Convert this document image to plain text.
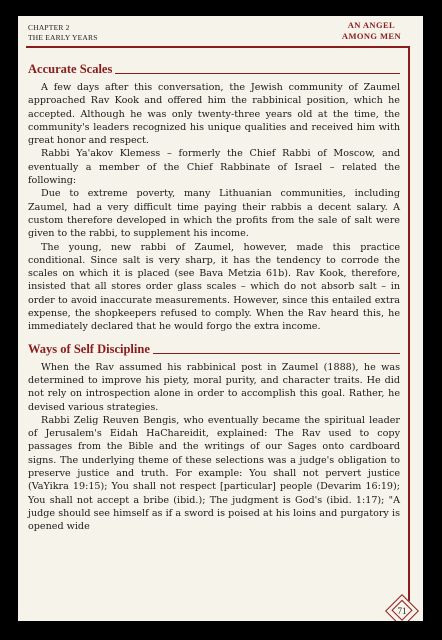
CHAPTER 2
THE EARLY YEARS
AN ANGEL
AMONG MEN
Accurate Scales

A few days after this conversation, the Jewish community of Zaumel approached Rav Kook and offered him the rabbinical position, which he accepted. Although he was only twenty-three years old at the time, the community's leaders recognized his unique qualities and received him with great honor and respect.

Rabbi Ya'akov Klemess – formerly the Chief Rabbi of Moscow, and eventually a member of the Chief Rabbinate of Israel – related the following:

Due to extreme poverty, many Lithuanian communities, including Zaumel, had a very difficult time paying their rabbis a decent salary. A custom therefore developed in which the profits from the sale of salt were given to the rabbi, to supplement his income.

The young, new rabbi of Zaumel, however, made this practice conditional. Since salt is very sharp, it has the tendency to corrode the scales on which it is placed (see Bava Metzia 61b). Rav Kook, therefore, insisted that all stores order glass scales – which do not absorb salt – in order to avoid inaccurate measurements. However, since this entailed extra expense, the shopkeepers refused to comply. When the Rav heard this, he immediately declared that he would forgo the extra income.

Ways of Self Discipline

When the Rav assumed his rabbinical post in Zaumel (1888), he was determined to improve his piety, moral purity, and character traits. He did not rely on introspection alone in order to accomplish this goal. Rather, he devised various strategies.

Rabbi Zelig Reuven Bengis, who eventually became the spiritual leader of Jerusalem's Eidah HaChareidit, explained: The Rav used to copy passages from the Bible and the writings of our Sages onto cardboard signs. The underlying theme of these selections was a judge's obligation to preserve justice and truth. For example: You shall not pervert justice (VaYikra 19:15); You shall not respect [particular] people (Devarim 16:19); You shall not accept a bribe (ibid.); The judgment is God's (ibid. 1:17); "A judge should see himself as if a sword is poised at his loins and purgatory is opened wide

71
